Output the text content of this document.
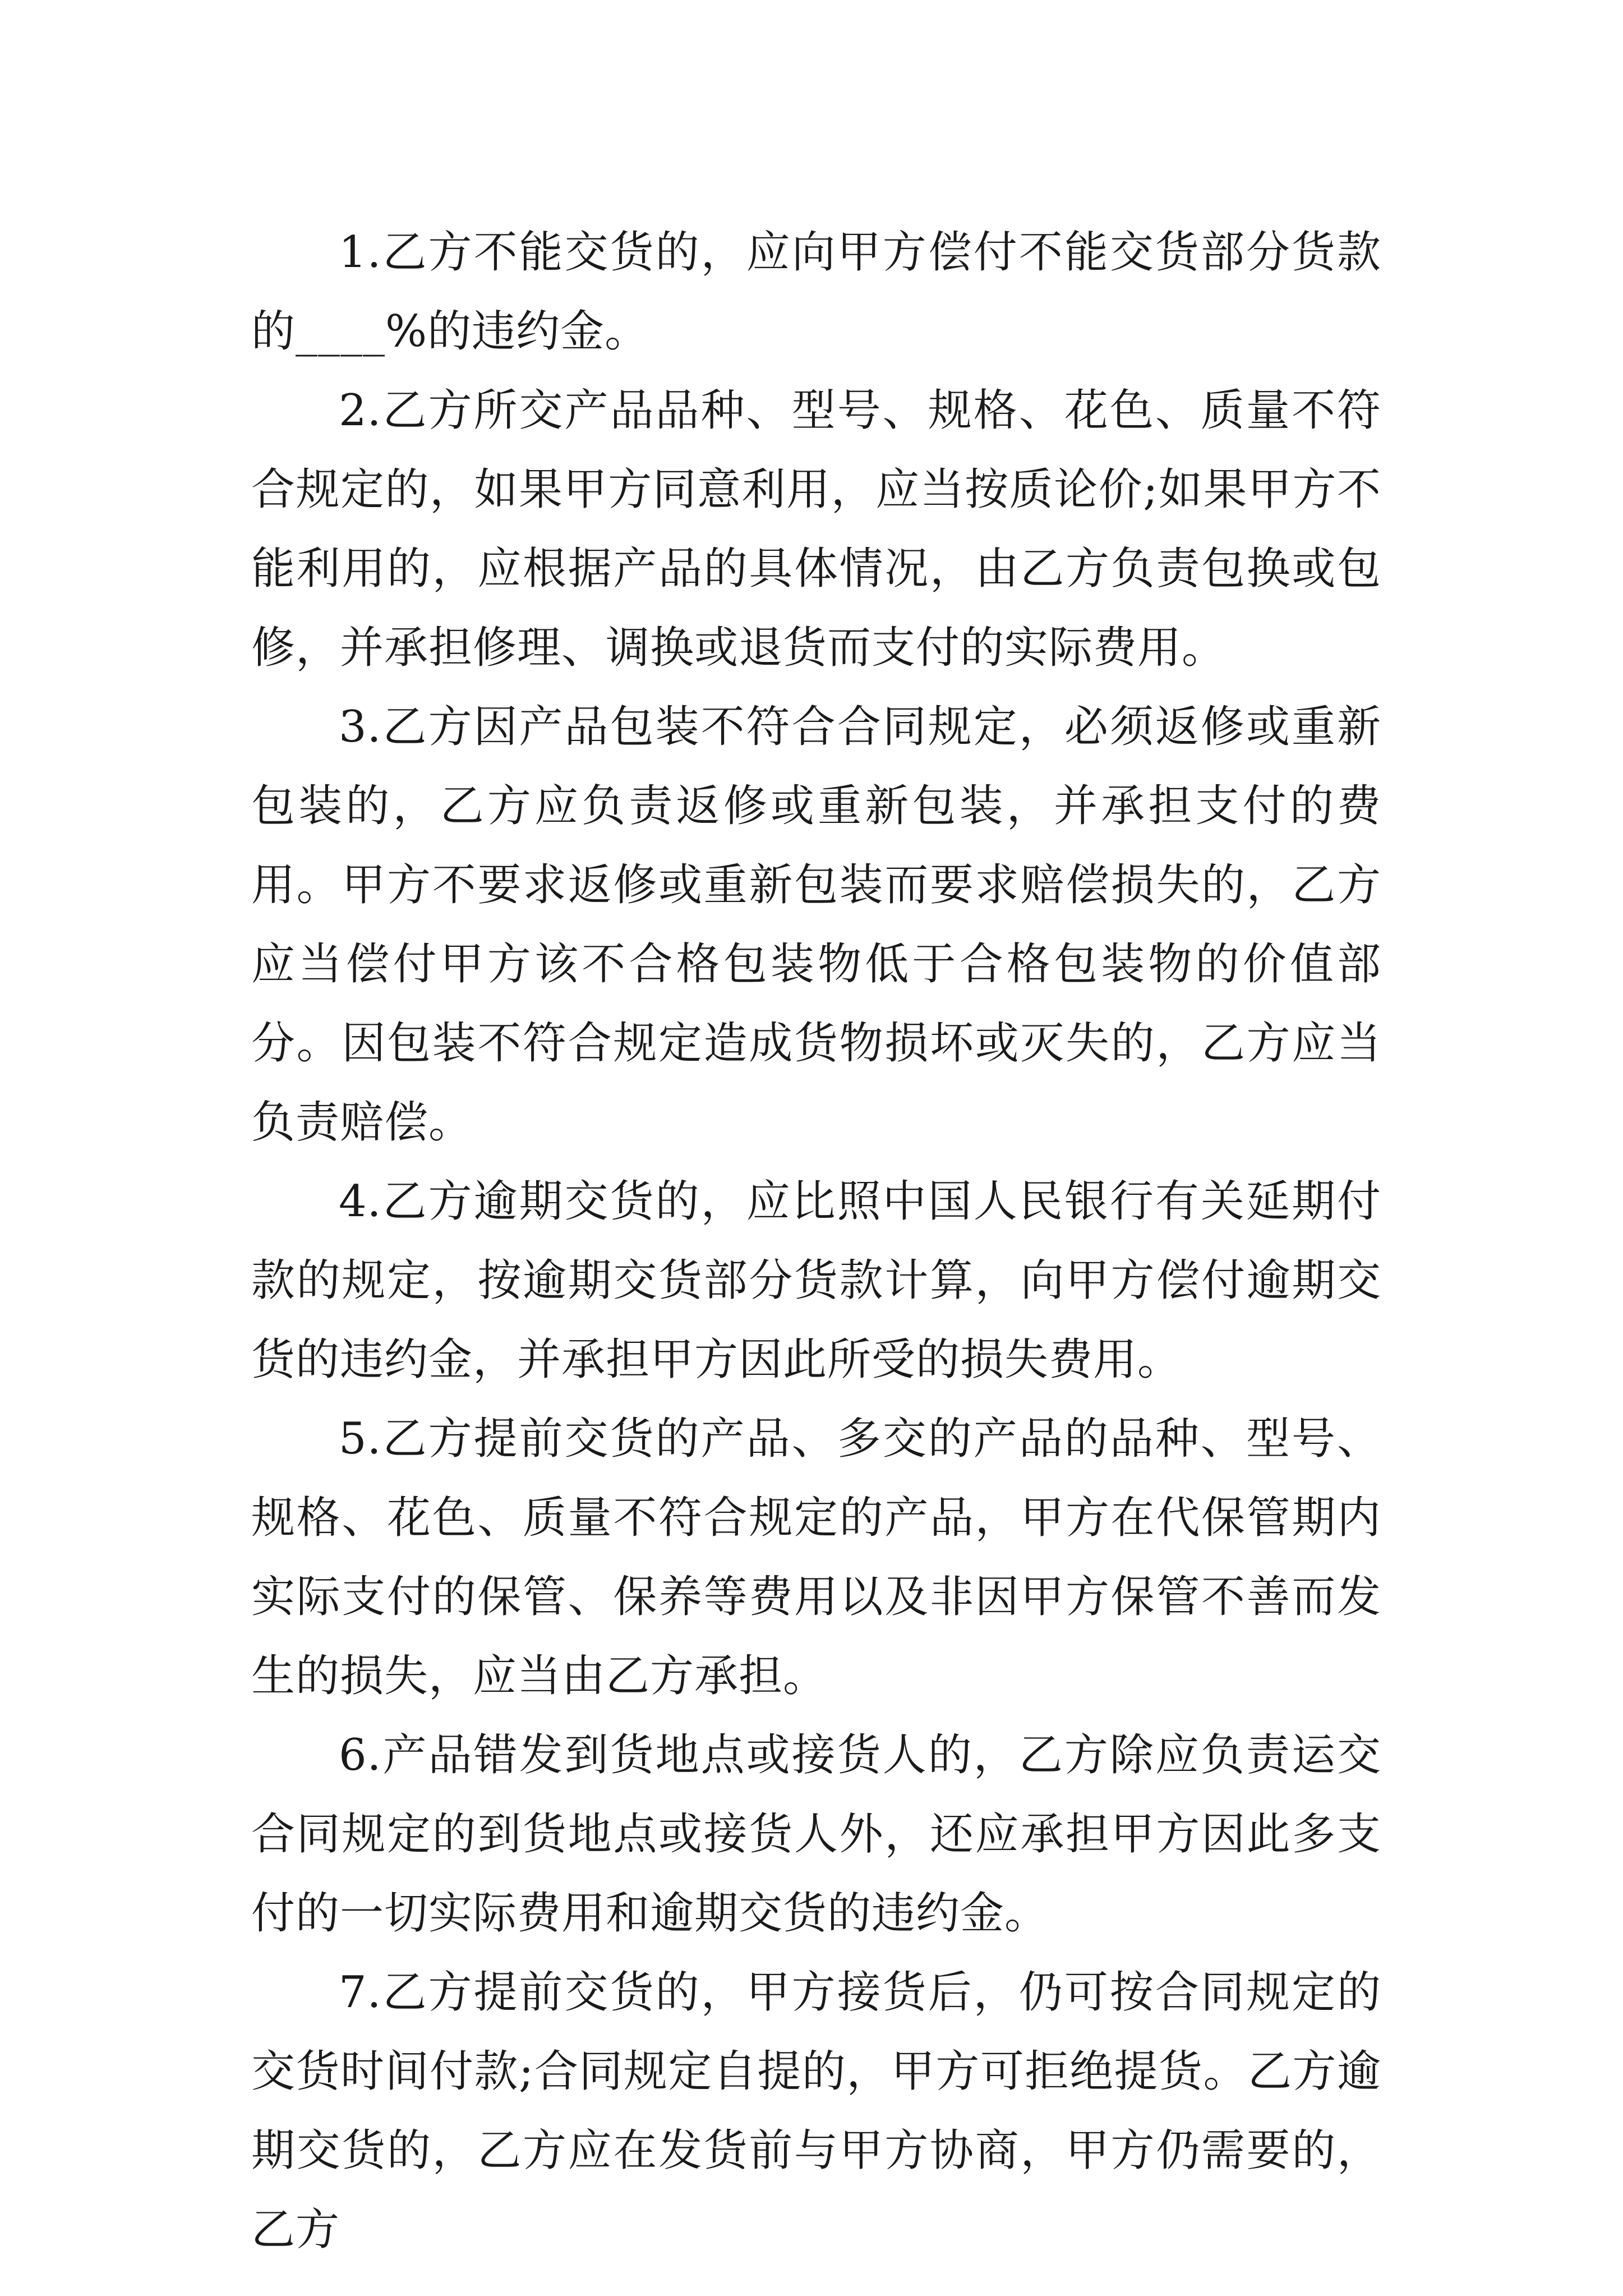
1.乙方不能交货的，应向甲方偿付不能交货部分货款的____%的违约金。

2.乙方所交产品品种、型号、规格、花色、质量不符合规定的，如果甲方同意利用，应当按质论价;如果甲方不能利用的，应根据产品的具体情况，由乙方负责包换或包修，并承担修理、调换或退货而支付的实际费用。

3.乙方因产品包装不符合合同规定，必须返修或重新包装的，乙方应负责返修或重新包装，并承担支付的费用。甲方不要求返修或重新包装而要求赔偿损失的，乙方应当偿付甲方该不合格包装物低于合格包装物的价值部分。因包装不符合规定造成货物损坏或灭失的，乙方应当负责赔偿。

4.乙方逾期交货的，应比照中国人民银行有关延期付款的规定，按逾期交货部分货款计算，向甲方偿付逾期交货的违约金，并承担甲方因此所受的损失费用。

5.乙方提前交货的产品、多交的产品的品种、型号、规格、花色、质量不符合规定的产品，甲方在代保管期内实际支付的保管、保养等费用以及非因甲方保管不善而发生的损失，应当由乙方承担。

6.产品错发到货地点或接货人的，乙方除应负责运交合同规定的到货地点或接货人外，还应承担甲方因此多支付的一切实际费用和逾期交货的违约金。

7.乙方提前交货的，甲方接货后，仍可按合同规定的交货时间付款;合同规定自提的，甲方可拒绝提货。乙方逾期交货的，乙方应在发货前与甲方协商，甲方仍需要的，乙方
